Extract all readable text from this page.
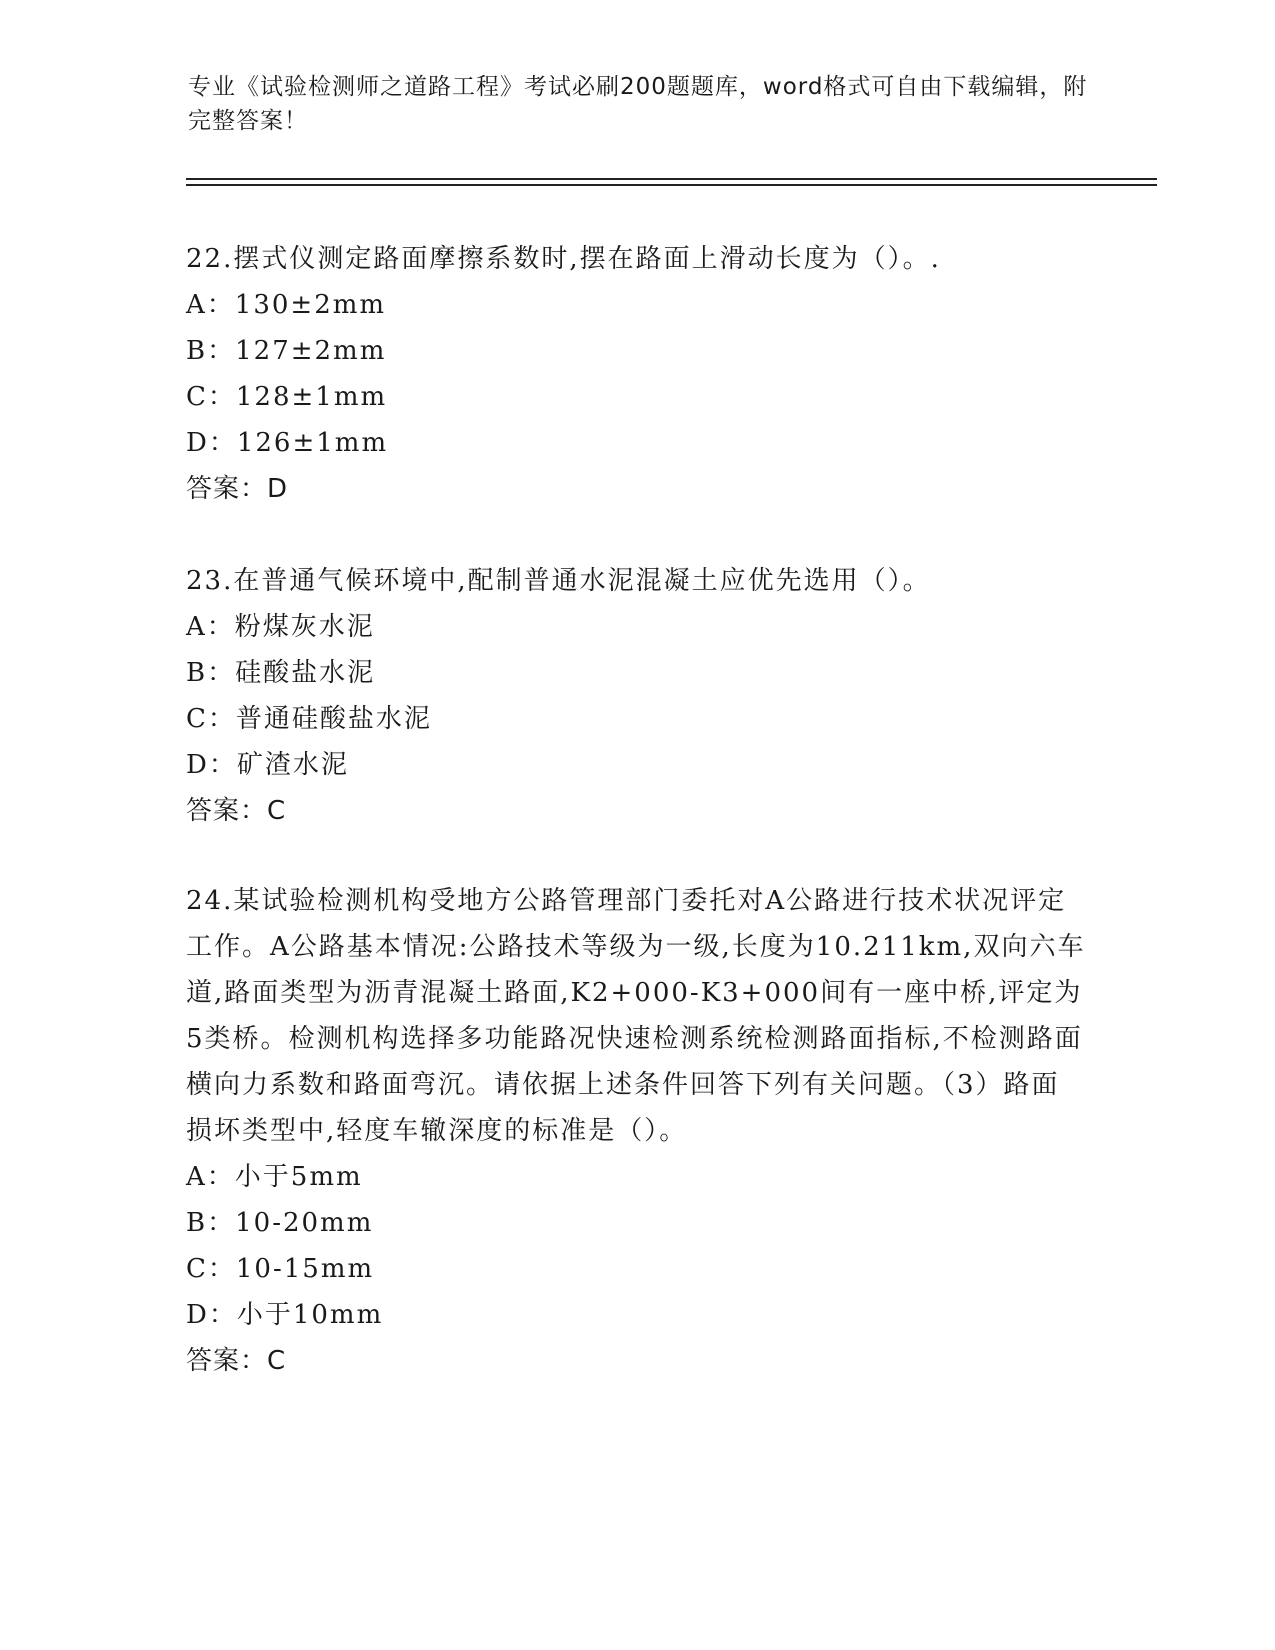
专业《试验检测师之道路工程》考试必刷200题题库，word格式可自由下载编辑，附完整答案！

22.摆式仪测定路面摩擦系数时,摆在路面上滑动长度为（）。.

A：130±2mm
B：127±2mm
C：128±1mm
D：126±1mm
答案：D

23.在普通气候环境中,配制普通水泥混凝土应优先选用（）。

A：粉煤灰水泥
B：硅酸盐水泥
C：普通硅酸盐水泥
D：矿渣水泥
答案：C

24.某试验检测机构受地方公路管理部门委托对A公路进行技术状况评定工作。A公路基本情况:公路技术等级为一级,长度为10.211km,双向六车道,路面类型为沥青混凝土路面,K2+000-K3+000间有一座中桥,评定为5类桥。检测机构选择多功能路况快速检测系统检测路面指标,不检测路面横向力系数和路面弯沉。请依据上述条件回答下列有关问题。（3）路面损坏类型中,轻度车辙深度的标准是（）。

A：小于5mm
B：10-20mm
C：10-15mm
D：小于10mm
答案：C
